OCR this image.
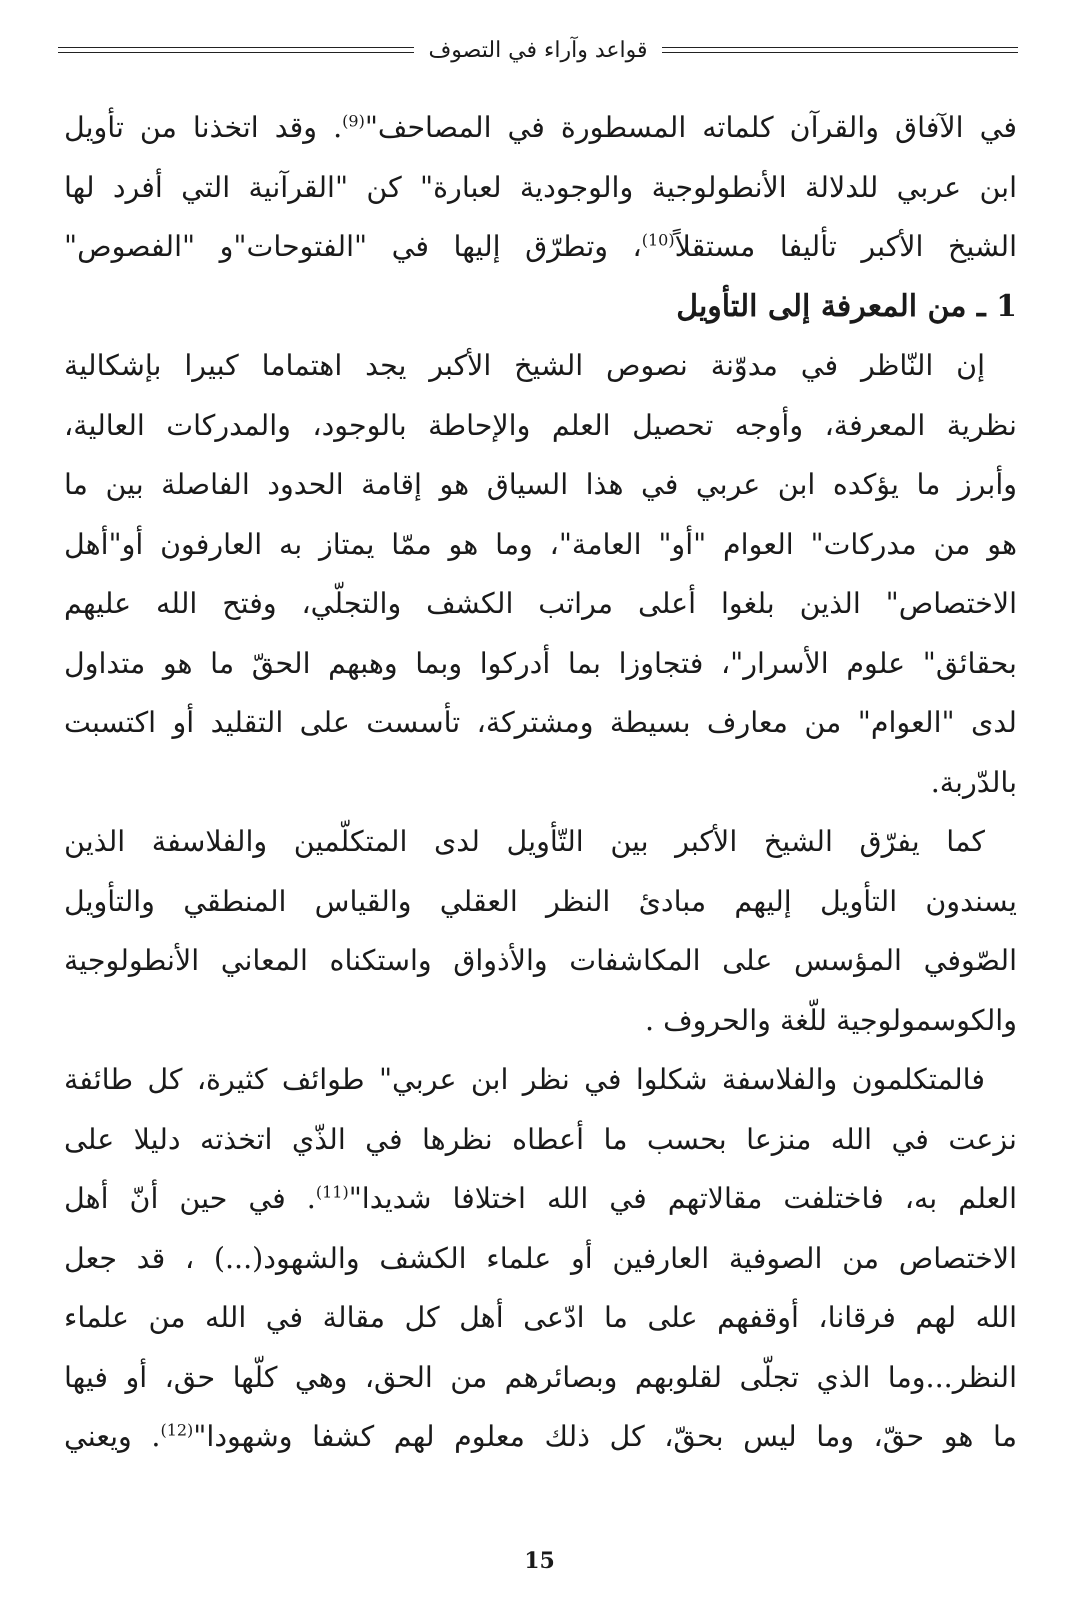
قواعد وآراء في التصوف
في الآفاق والقرآن كلماته المسطورة في المصاحف"$^{(9)}$. وقد اتخذنا من تأويل
ابن عربي للدلالة الأنطولوجية والوجودية لعبارة" كن "القرآنية التي أفرد لها
الشيخ الأكبر تأليفا مستقلاً$^{(10)}$، وتطرّق إليها في "الفتوحات"و "الفصوص"
1 ـ من المعرفة إلى التأويل
إن النّاظر في مدوّنة نصوص الشيخ الأكبر يجد اهتماما كبيرا بإشكالية
نظرية المعرفة، وأوجه تحصيل العلم والإحاطة بالوجود، والمدركات العالية،
وأبرز ما يؤكده ابن عربي في هذا السياق هو إقامة الحدود الفاصلة بين ما
هو من مدركات" العوام "أو" العامة"، وما هو ممّا يمتاز به العارفون أو"أهل
الاختصاص" الذين بلغوا أعلى مراتب الكشف والتجلّي، وفتح الله عليهم
بحقائق" علوم الأسرار"، فتجاوزا بما أدركوا وبما وهبهم الحقّ ما هو متداول
لدى "العوام" من معارف بسيطة ومشتركة، تأسست على التقليد أو اكتسبت
بالدّربة.
كما يفرّق الشيخ الأكبر بين التّأويل لدى المتكلّمين والفلاسفة الذين
يسندون التأويل إليهم مبادئ النظر العقلي والقياس المنطقي والتأويل
الصّوفي المؤسس على المكاشفات والأذواق واستكناه المعاني الأنطولوجية
والكوسمولوجية للّغة والحروف .
فالمتكلمون والفلاسفة شكلوا في نظر ابن عربي" طوائف كثيرة، كل طائفة
نزعت في الله منزعا بحسب ما أعطاه نظرها في الذّي اتخذته دليلا على
العلم به، فاختلفت مقالاتهم في الله اختلافا شديدا"$^{(11)}$. في حين أنّ أهل
الاختصاص من الصوفية العارفين أو علماء الكشف والشهود(...) ، قد جعل
الله لهم فرقانا، أوقفهم على ما ادّعى أهل كل مقالة في الله من علماء
النظر...وما الذي تجلّى لقلوبهم وبصائرهم من الحق، وهي كلّها حق، أو فيها
ما هو حقّ، وما ليس بحقّ، كل ذلك معلوم لهم كشفا وشهودا"$^{(12)}$. ويعني
15
